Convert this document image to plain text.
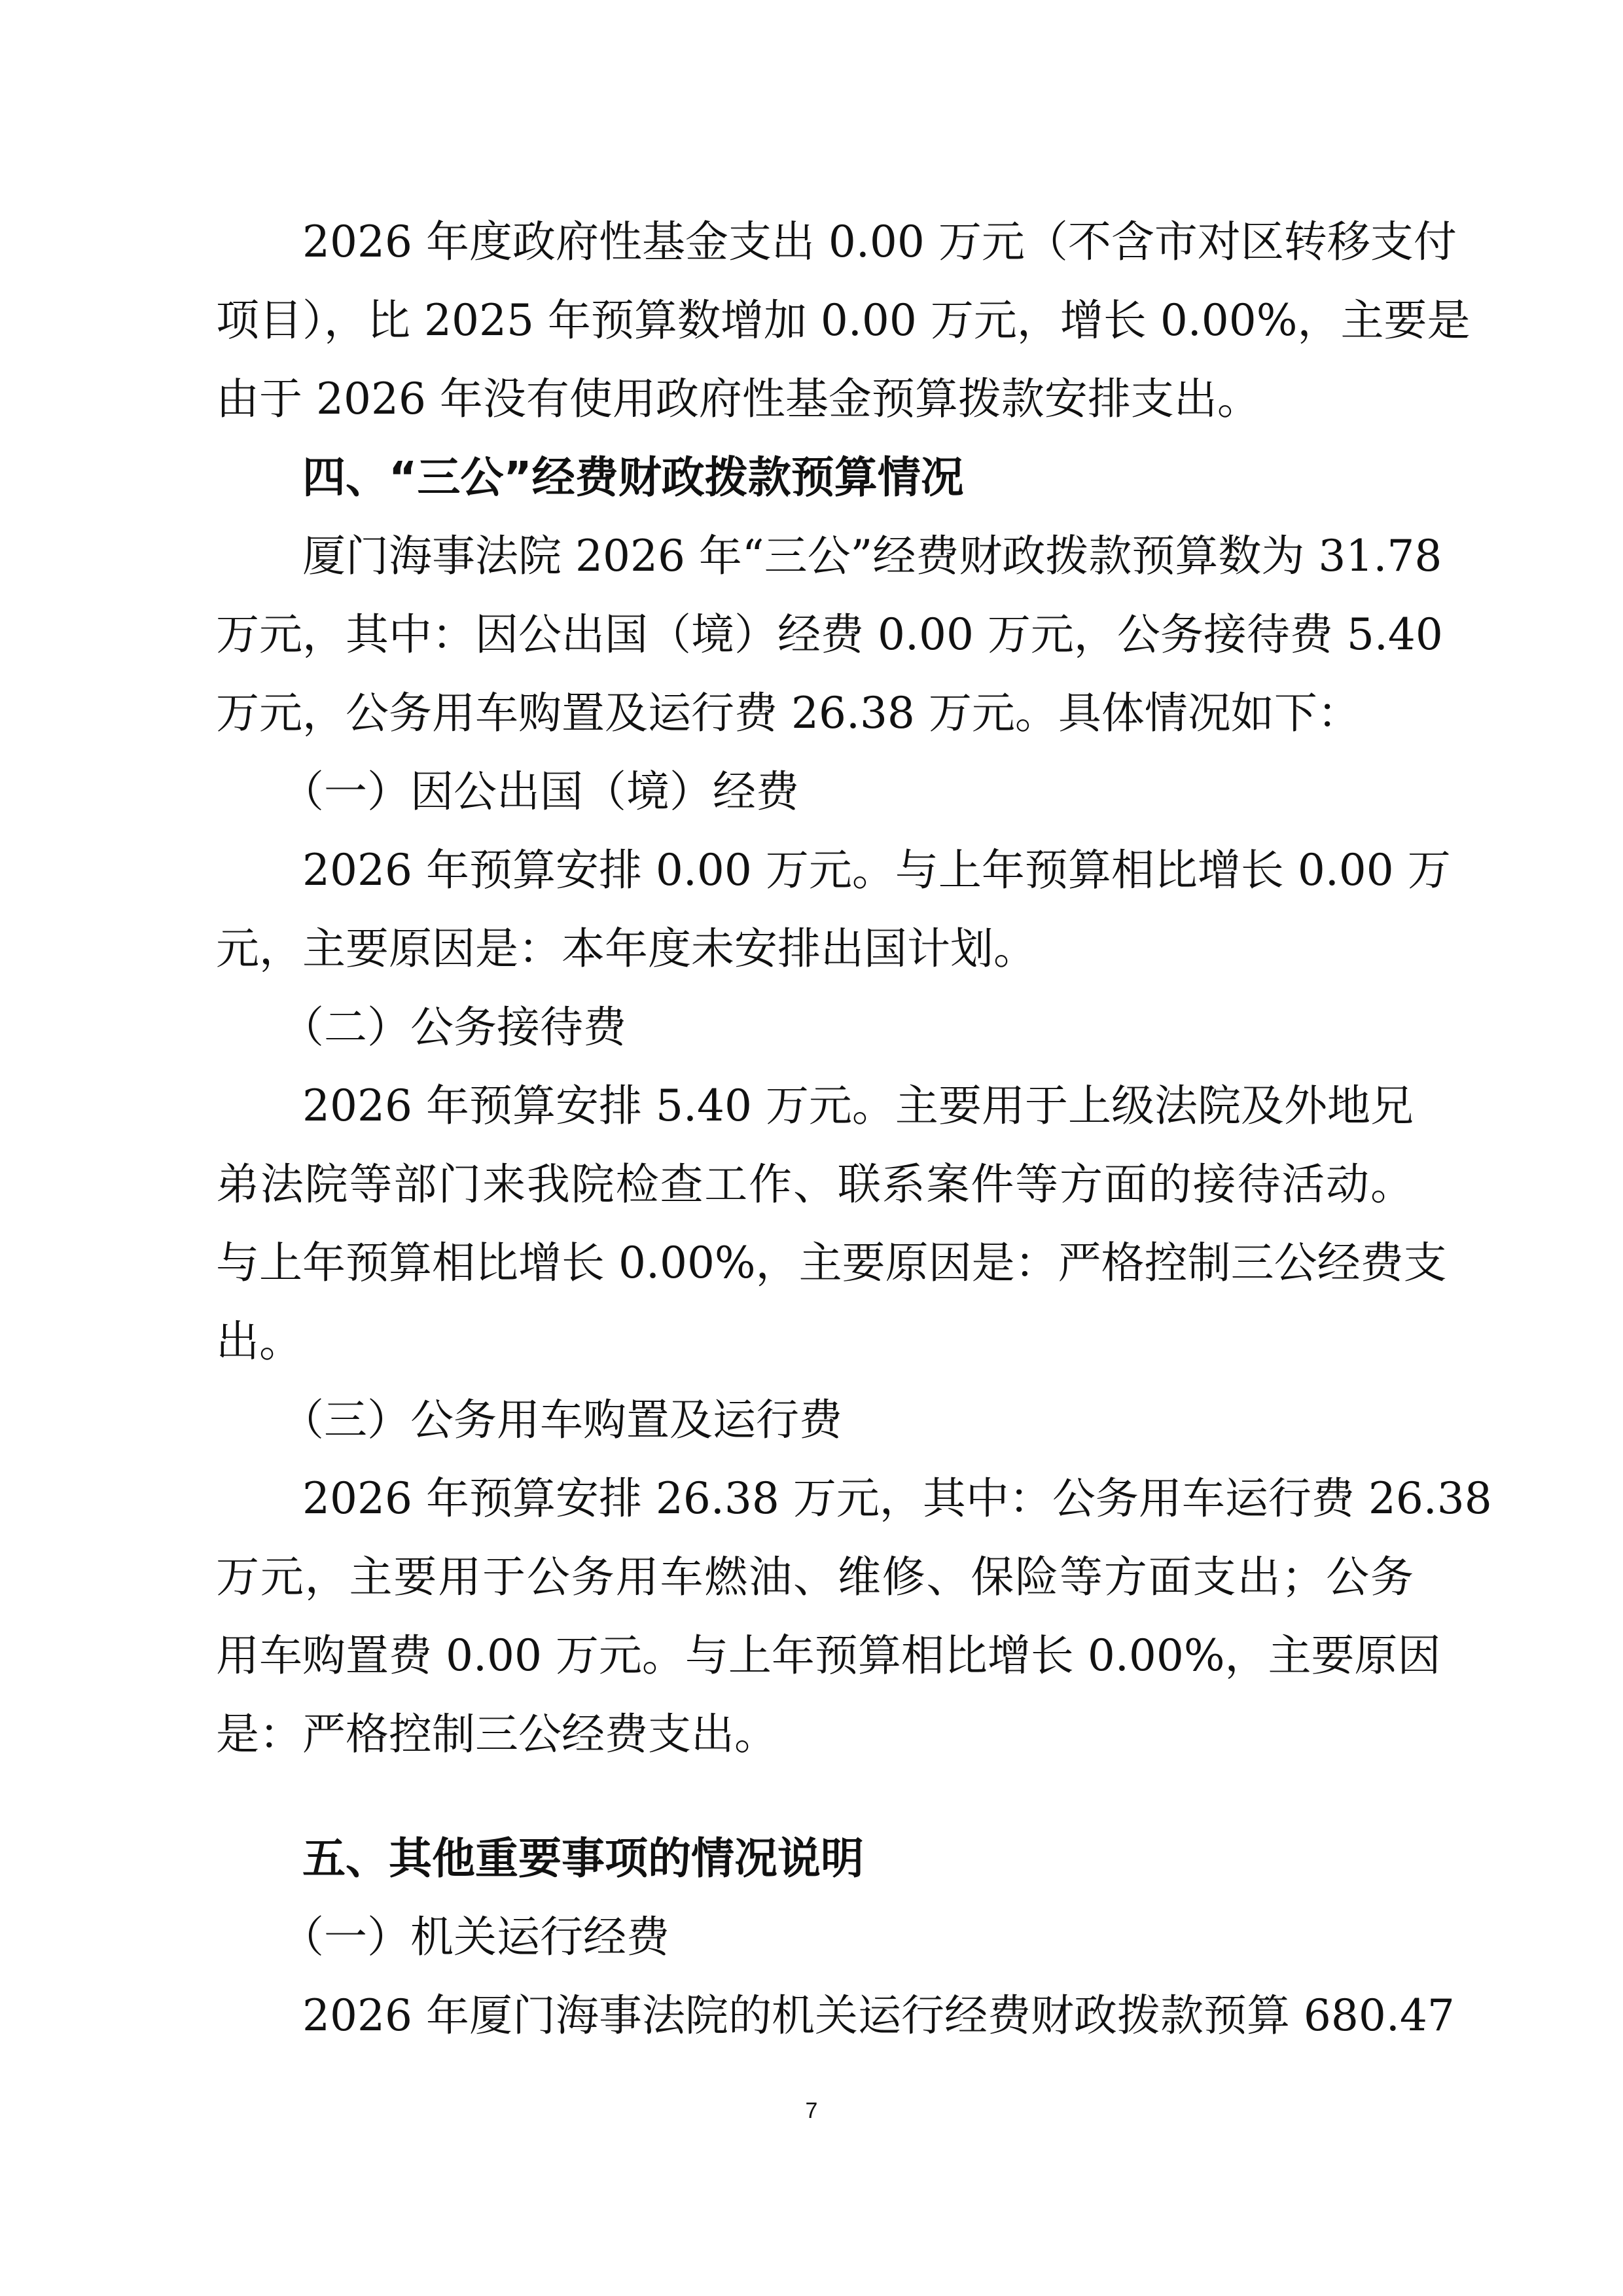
　　2026 年度政府性基金支出 0.00 万元（不含市对区转移支付
项目），比 2025 年预算数增加 0.00 万元，增长 0.00%，主要是
由于 2026 年没有使用政府性基金预算拨款安排支出。
　　四、“三公”经费财政拨款预算情况
　　厦门海事法院 2026 年“三公”经费财政拨款预算数为 31.78
万元，其中：因公出国（境）经费 0.00 万元，公务接待费 5.40
万元，公务用车购置及运行费 26.38 万元。具体情况如下：
　　（一）因公出国（境）经费
　　2026 年预算安排 0.00 万元。与上年预算相比增长 0.00 万
元，主要原因是：本年度未安排出国计划。
　　（二）公务接待费
　　2026 年预算安排 5.40 万元。主要用于上级法院及外地兄
弟法院等部门来我院检查工作、联系案件等方面的接待活动。
与上年预算相比增长 0.00%，主要原因是：严格控制三公经费支
出。
　　（三）公务用车购置及运行费
　　2026 年预算安排 26.38 万元，其中：公务用车运行费 26.38
万元，主要用于公务用车燃油、维修、保险等方面支出；公务
用车购置费 0.00 万元。与上年预算相比增长 0.00%，主要原因
是：严格控制三公经费支出。
　　五、其他重要事项的情况说明
　　（一）机关运行经费
　　2026 年厦门海事法院的机关运行经费财政拨款预算 680.47
7
